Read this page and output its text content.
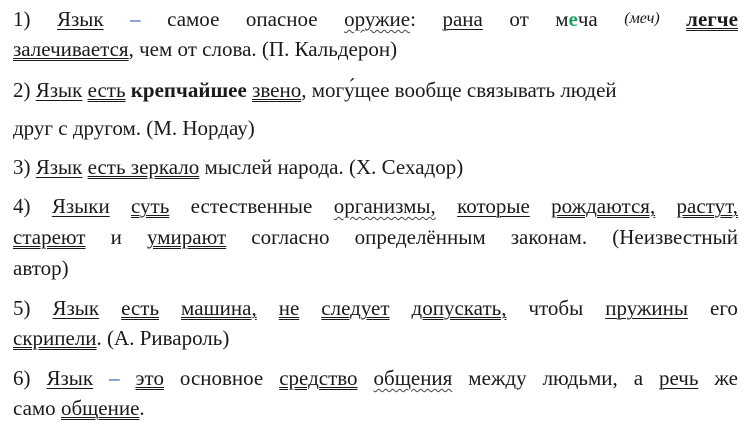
1) Язык – самое опасное оружие: рана от меча (меч) легче
залечивается, чем от слова. (П. Кальдерон)
2) Язык есть крепчайшее звено, могу́щее вообще связывать людей
друг с другом. (М. Нордау)
3) Язык есть зеркало мыслей народа. (Х. Сехадор)
4) Языки суть естественные организмы, которые рождаются, растут,
стареют и умирают согласно определённым законам. (Неизвестный
автор)
5) Язык есть машина, не следует допускать, чтобы пружины его
скрипели. (А. Ривароль)
6) Язык – это основное средство общения между людьми, а речь же
само общение.
